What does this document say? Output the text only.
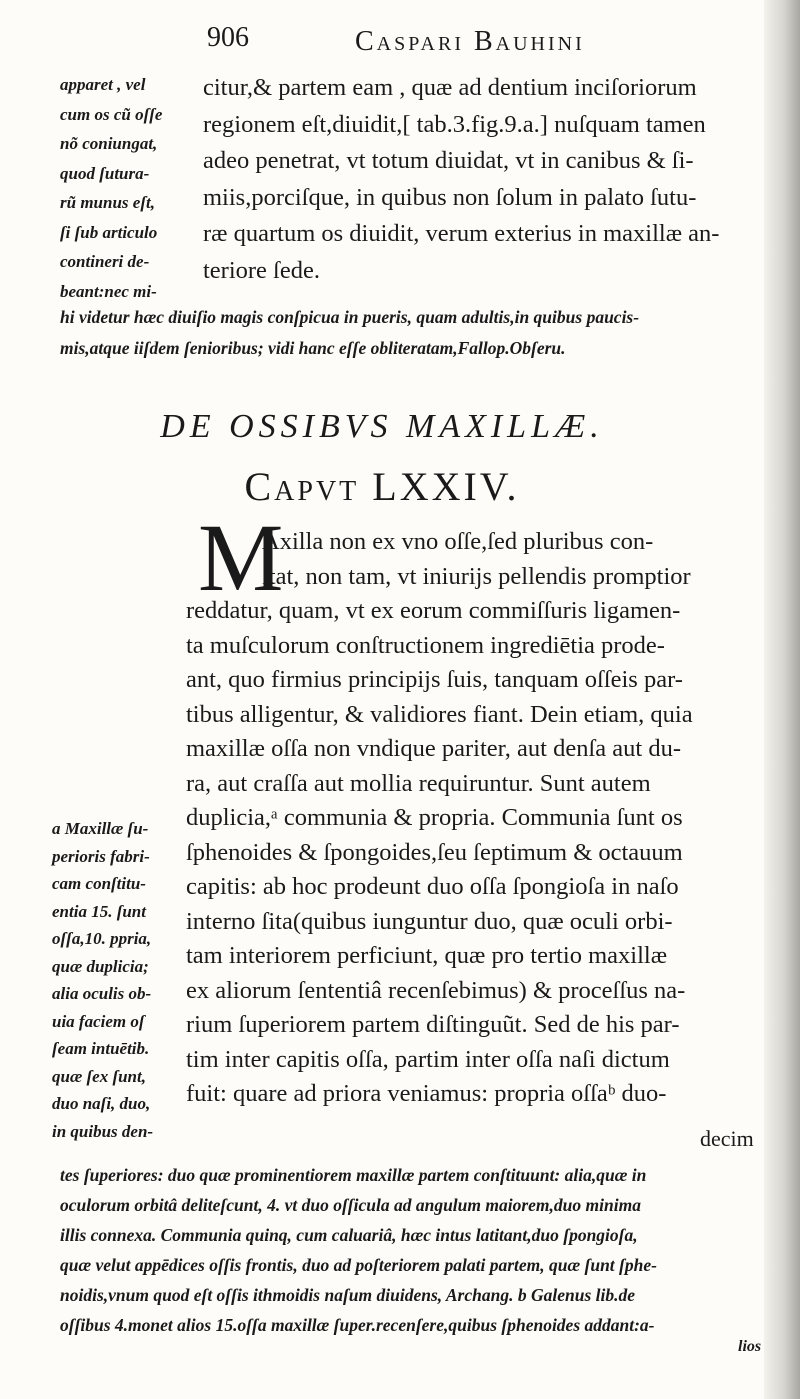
906	Caspari Bauhini
apparet , vel
cum os cũ oſſe
nõ coniungat,
quod ſutura-
rũ munus eſt,
ſi ſub articulo
contineri de-
beant:nec mi-
citur,& partem eam , quæ ad dentium inciſoriorum
regionem eſt,diuidit,[ tab.3.fig.9.a.] nuſquam tamen
adeo penetrat, vt totum diuidat, vt in canibus & ſi-
miis,porciſque, in quibus non ſolum in palato ſutu-
ræ quartum os diuidit, verum exterius in maxillæ an-
teriore ſede.
hi videtur hæc diuiſio magis conſpicua in pueris, quam adultis,in quibus paucis-
mis,atque iiſdem ſenioribus; vidi hanc eſſe obliteratam,Fallop.Obſeru.
DE OSSIBVS MAXILLÆ.
Capvt LXXIV.
M
Axilla non ex vno oſſe,ſed pluribus con-
ſtat, non tam, vt iniurijs pellendis promptior
reddatur, quam, vt ex eorum commiſſuris ligamen-
ta muſculorum conſtructionem ingrediētia prode-
ant, quo firmius principijs ſuis, tanquam oſſeis par-
tibus alligentur, & validiores fiant. Dein etiam, quia
maxillæ oſſa non vndique pariter, aut denſa aut du-
ra, aut craſſa aut mollia requiruntur. Sunt autem
duplicia,ᵃ communia & propria. Communia ſunt os
ſphenoides & ſpongoides,ſeu ſeptimum & octauum
capitis: ab hoc prodeunt duo oſſa ſpongioſa in naſo
interno ſita(quibus iunguntur duo, quæ oculi orbi-
tam interiorem perficiunt, quæ pro tertio maxillæ
ex aliorum ſententiâ recenſebimus) & proceſſus na-
rium ſuperiorem partem diſtinguũt. Sed de his par-
tim inter capitis oſſa, partim inter oſſa naſi dictum
fuit: quare ad priora veniamus: propria oſſaᵇ duo-
decim
a Maxillæ ſu-
perioris fabri-
cam conſtitu-
entia 15. ſunt
oſſa,10. ppria,
quæ duplicia;
alia oculis ob-
uia faciem oſ
ſeam intuētib.
quæ ſex ſunt,
duo naſi, duo,
in quibus den-
tes ſuperiores: duo quæ prominentiorem maxillæ partem conſtituunt: alia,quæ in
oculorum orbitâ deliteſcunt, 4. vt duo oſſicula ad angulum maiorem,duo minima
illis connexa. Communia quinq, cum caluariâ, hæc intus latitant,duo ſpongioſa,
quæ velut appēdices oſſis frontis, duo ad poſteriorem palati partem, quæ ſunt ſphe-
noidis,vnum quod eſt oſſis ithmoidis naſum diuidens, Archang. b Galenus lib.de
oſſibus 4.monet alios 15.oſſa maxillæ ſuper.recenſere,quibus ſphenoides addant:a-
lios
